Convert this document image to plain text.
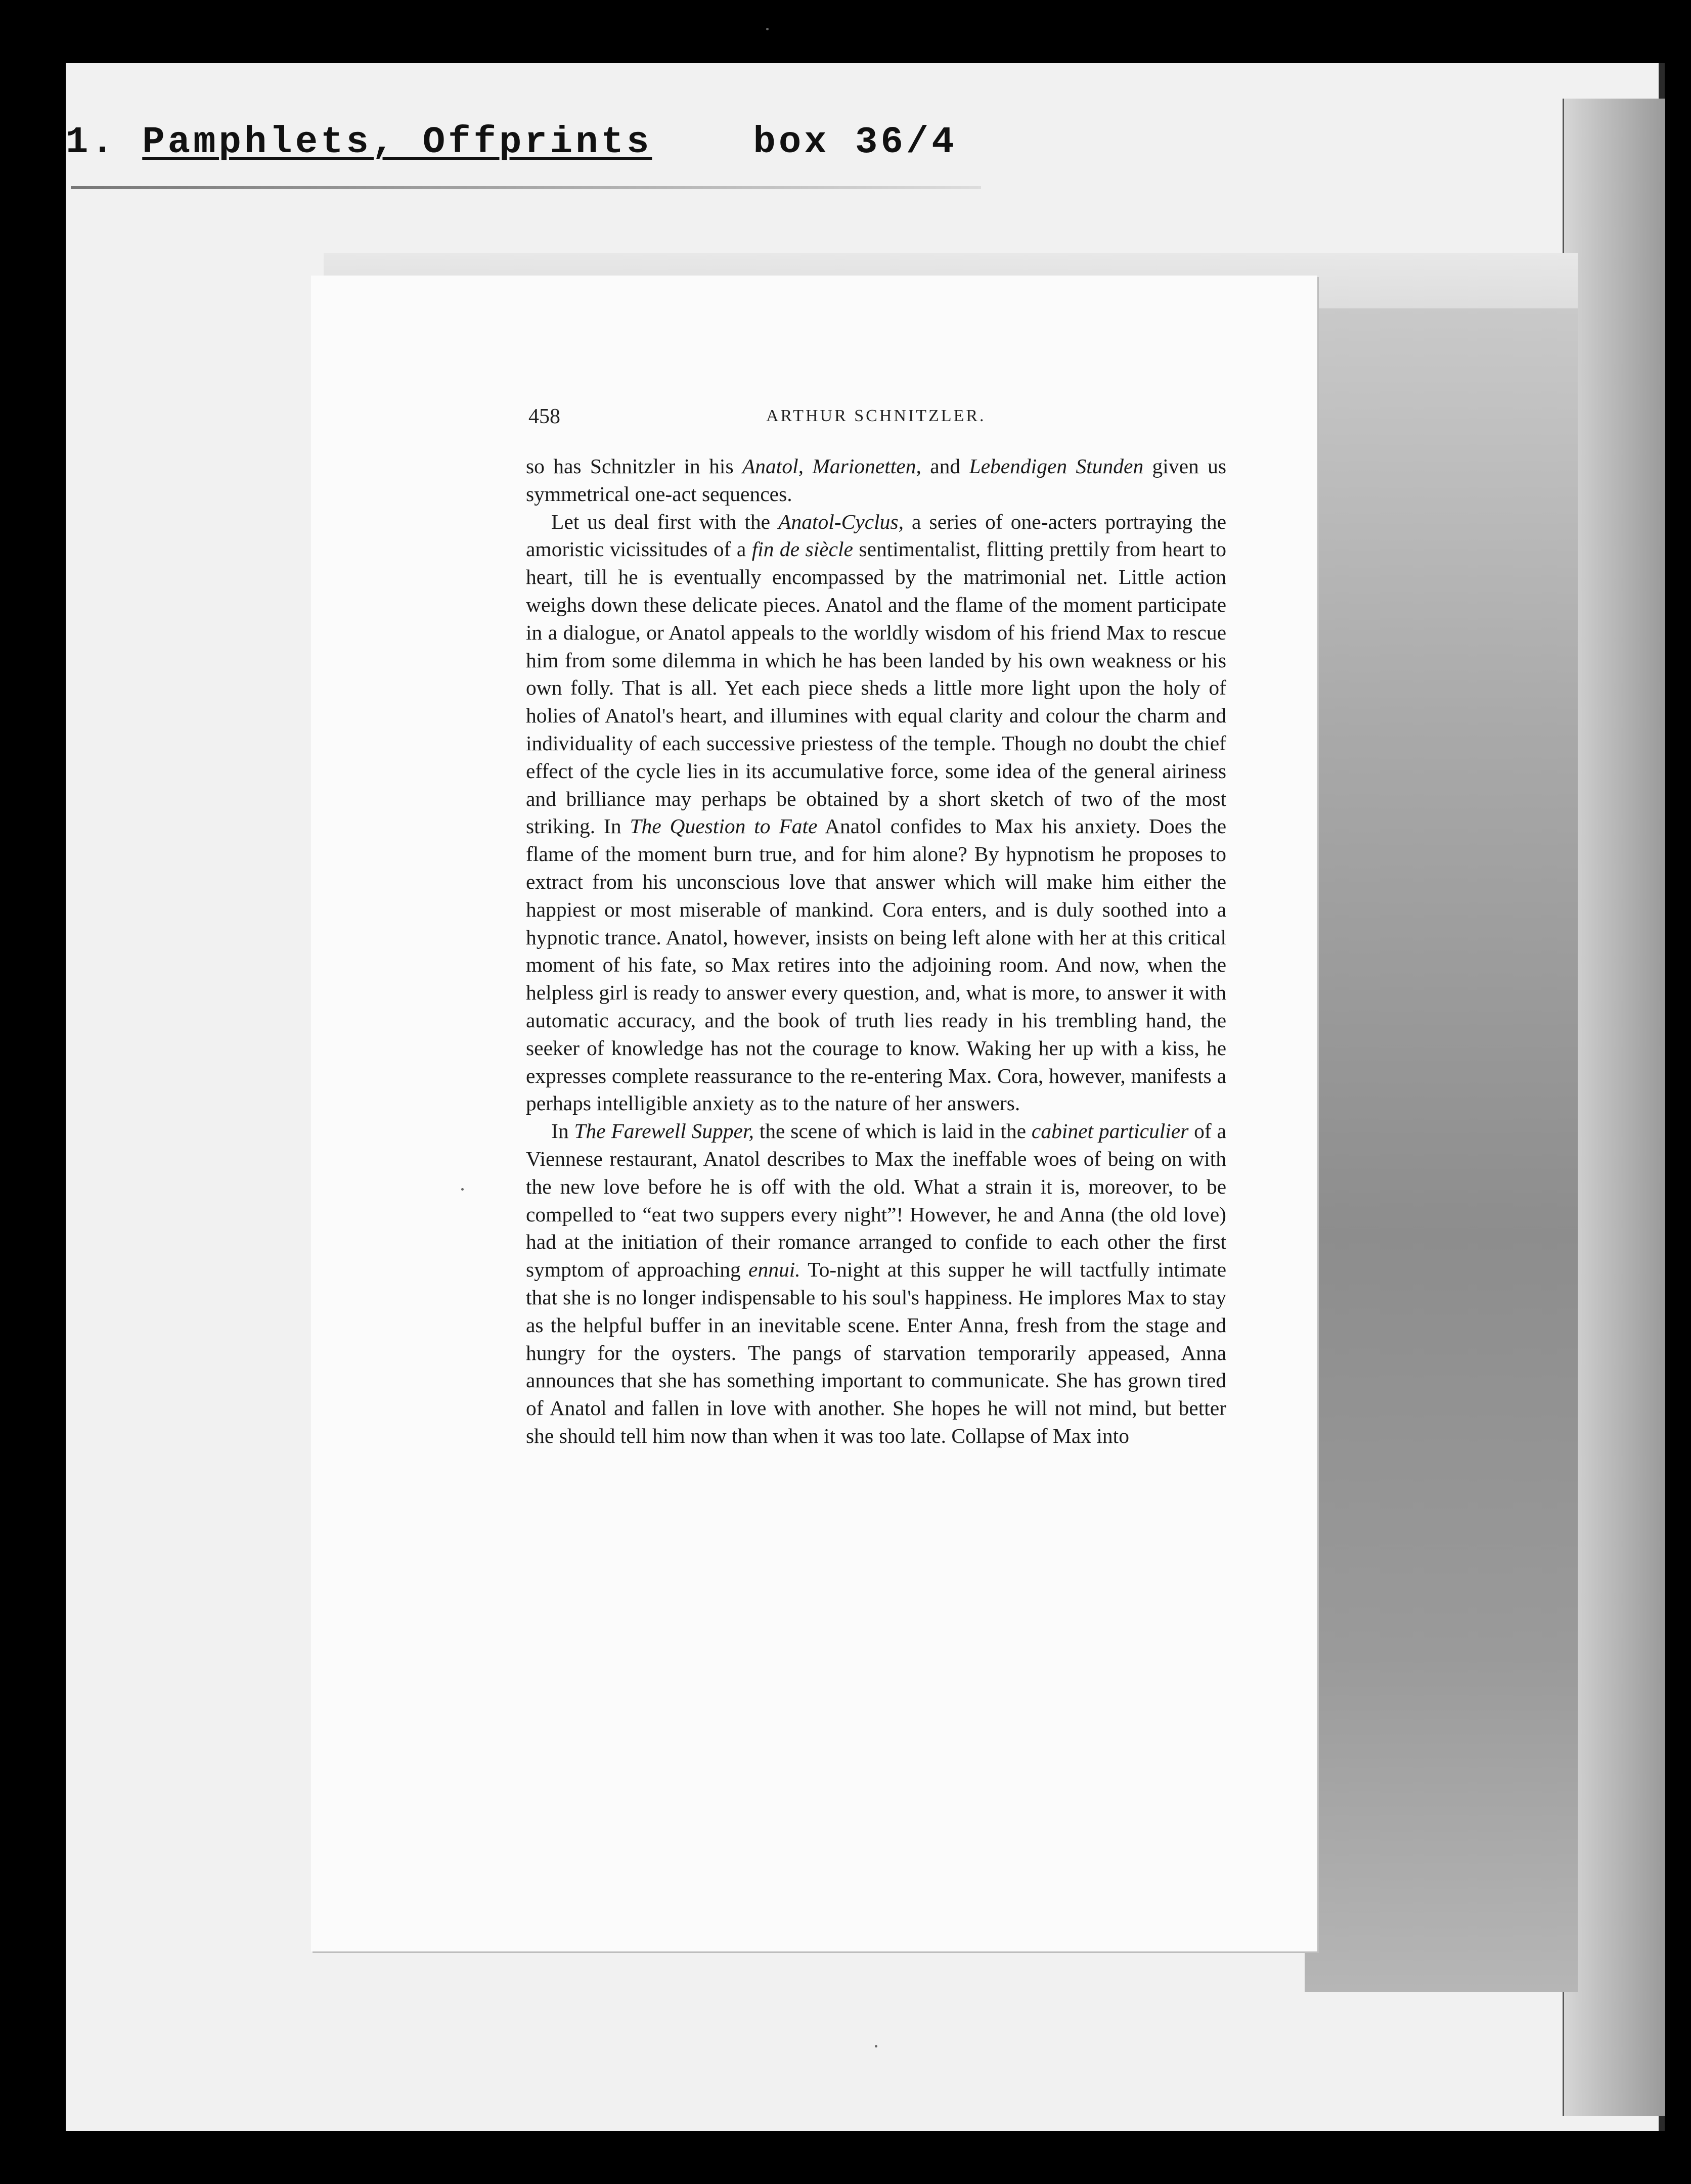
1. Pamphlets, Offprints	box 36/4
458	ARTHUR SCHNITZLER.

so has Schnitzler in his Anatol, Marionetten, and Lebendigen Stunden given us symmetrical one-act sequences.

Let us deal first with the Anatol-Cyclus, a series of one-acters portraying the amoristic vicissitudes of a fin de siècle sentimentalist, flitting prettily from heart to heart, till he is eventually encompassed by the matrimonial net. Little action weighs down these delicate pieces. Anatol and the flame of the moment participate in a dialogue, or Anatol appeals to the worldly wisdom of his friend Max to rescue him from some dilemma in which he has been landed by his own weakness or his own folly. That is all. Yet each piece sheds a little more light upon the holy of holies of Anatol's heart, and illumines with equal clarity and colour the charm and individuality of each successive priestess of the temple. Though no doubt the chief effect of the cycle lies in its accumulative force, some idea of the general airiness and brilliance may perhaps be obtained by a short sketch of two of the most striking. In The Question to Fate Anatol confides to Max his anxiety. Does the flame of the moment burn true, and for him alone? By hypnotism he proposes to extract from his unconscious love that answer which will make him either the happiest or most miserable of mankind. Cora enters, and is duly soothed into a hypnotic trance. Anatol, however, insists on being left alone with her at this critical moment of his fate, so Max retires into the adjoining room. And now, when the helpless girl is ready to answer every question, and, what is more, to answer it with automatic accuracy, and the book of truth lies ready in his trembling hand, the seeker of knowledge has not the courage to know. Waking her up with a kiss, he expresses complete reassurance to the re-entering Max. Cora, however, manifests a perhaps intelligible anxiety as to the nature of her answers.

In The Farewell Supper, the scene of which is laid in the cabinet particulier of a Viennese restaurant, Anatol describes to Max the ineffable woes of being on with the new love before he is off with the old. What a strain it is, moreover, to be compelled to “eat two suppers every night”! However, he and Anna (the old love) had at the initiation of their romance arranged to confide to each other the first symptom of approaching ennui. To-night at this supper he will tactfully intimate that she is no longer indispensable to his soul's happiness. He implores Max to stay as the helpful buffer in an inevitable scene. Enter Anna, fresh from the stage and hungry for the oysters. The pangs of starvation temporarily appeased, Anna announces that she has something important to communicate. She has grown tired of Anatol and fallen in love with another. She hopes he will not mind, but better she should tell him now than when it was too late. Collapse of Max into
